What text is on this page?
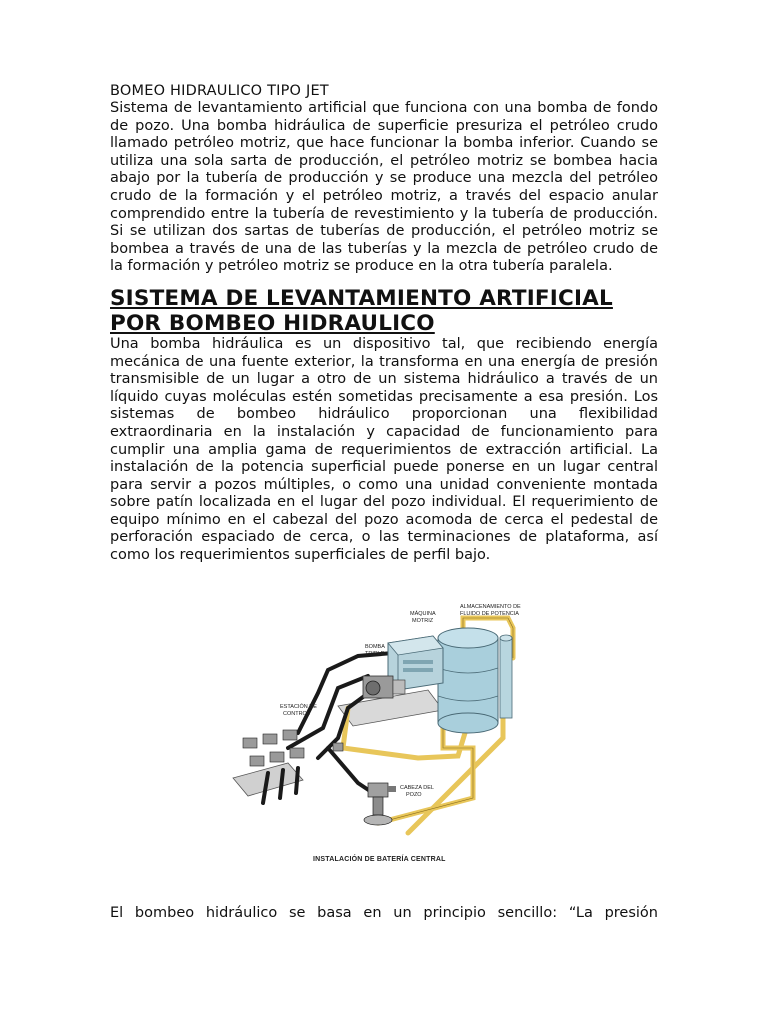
BOMEO HIDRAULICO TIPO JET

Sistema de levantamiento artificial que funciona con una bomba de fondo de pozo. Una bomba hidráulica de superficie presuriza el petróleo crudo llamado petróleo motriz, que hace funcionar la bomba inferior. Cuando se utiliza una sola sarta de producción, el petróleo motriz se bombea hacia abajo por la tubería de producción y se produce una mezcla del petróleo crudo de la formación y el petróleo motriz, a través del espacio anular comprendido entre la tubería de revestimiento y la tubería de producción. Si se utilizan dos sartas de tuberías de producción, el petróleo motriz se bombea a través de una de las tuberías y la mezcla de petróleo crudo de la formación y petróleo motriz se produce en la otra tubería paralela.

SISTEMA DE LEVANTAMIENTO ARTIFICIAL POR BOMBEO HIDRAULICO

Una bomba hidráulica es un dispositivo tal, que recibiendo energía mecánica de una fuente exterior, la transforma en una energía de presión transmisible de un lugar a otro de un sistema hidráulico a través de un líquido cuyas moléculas estén sometidas precisamente a esa presión. Los sistemas de bombeo hidráulico proporcionan una flexibilidad extraordinaria en la instalación y capacidad de funcionamiento para cumplir una amplia gama de requerimientos de extracción artificial. La instalación de la potencia superficial puede ponerse en un lugar central para servir a pozos múltiples, o como una unidad conveniente montada sobre patín localizada en el lugar del pozo individual. El requerimiento de equipo mínimo en el cabezal del pozo acomoda de cerca el pedestal de perforación espaciado de cerca, o las terminaciones de plataforma, así como los requerimientos superficiales de perfil bajo.

ALMACENAMIENTO DE
FLUIDO DE POTENCIA
MÁQUINA
MOTRIZ
BOMBA
TRIPLE
ESTACIÓN DE
CONTROL
CABEZA DEL
POZO
INSTALACIÓN DE BATERÍA CENTRAL

El bombeo hidráulico se basa en un principio sencillo: “La presión
